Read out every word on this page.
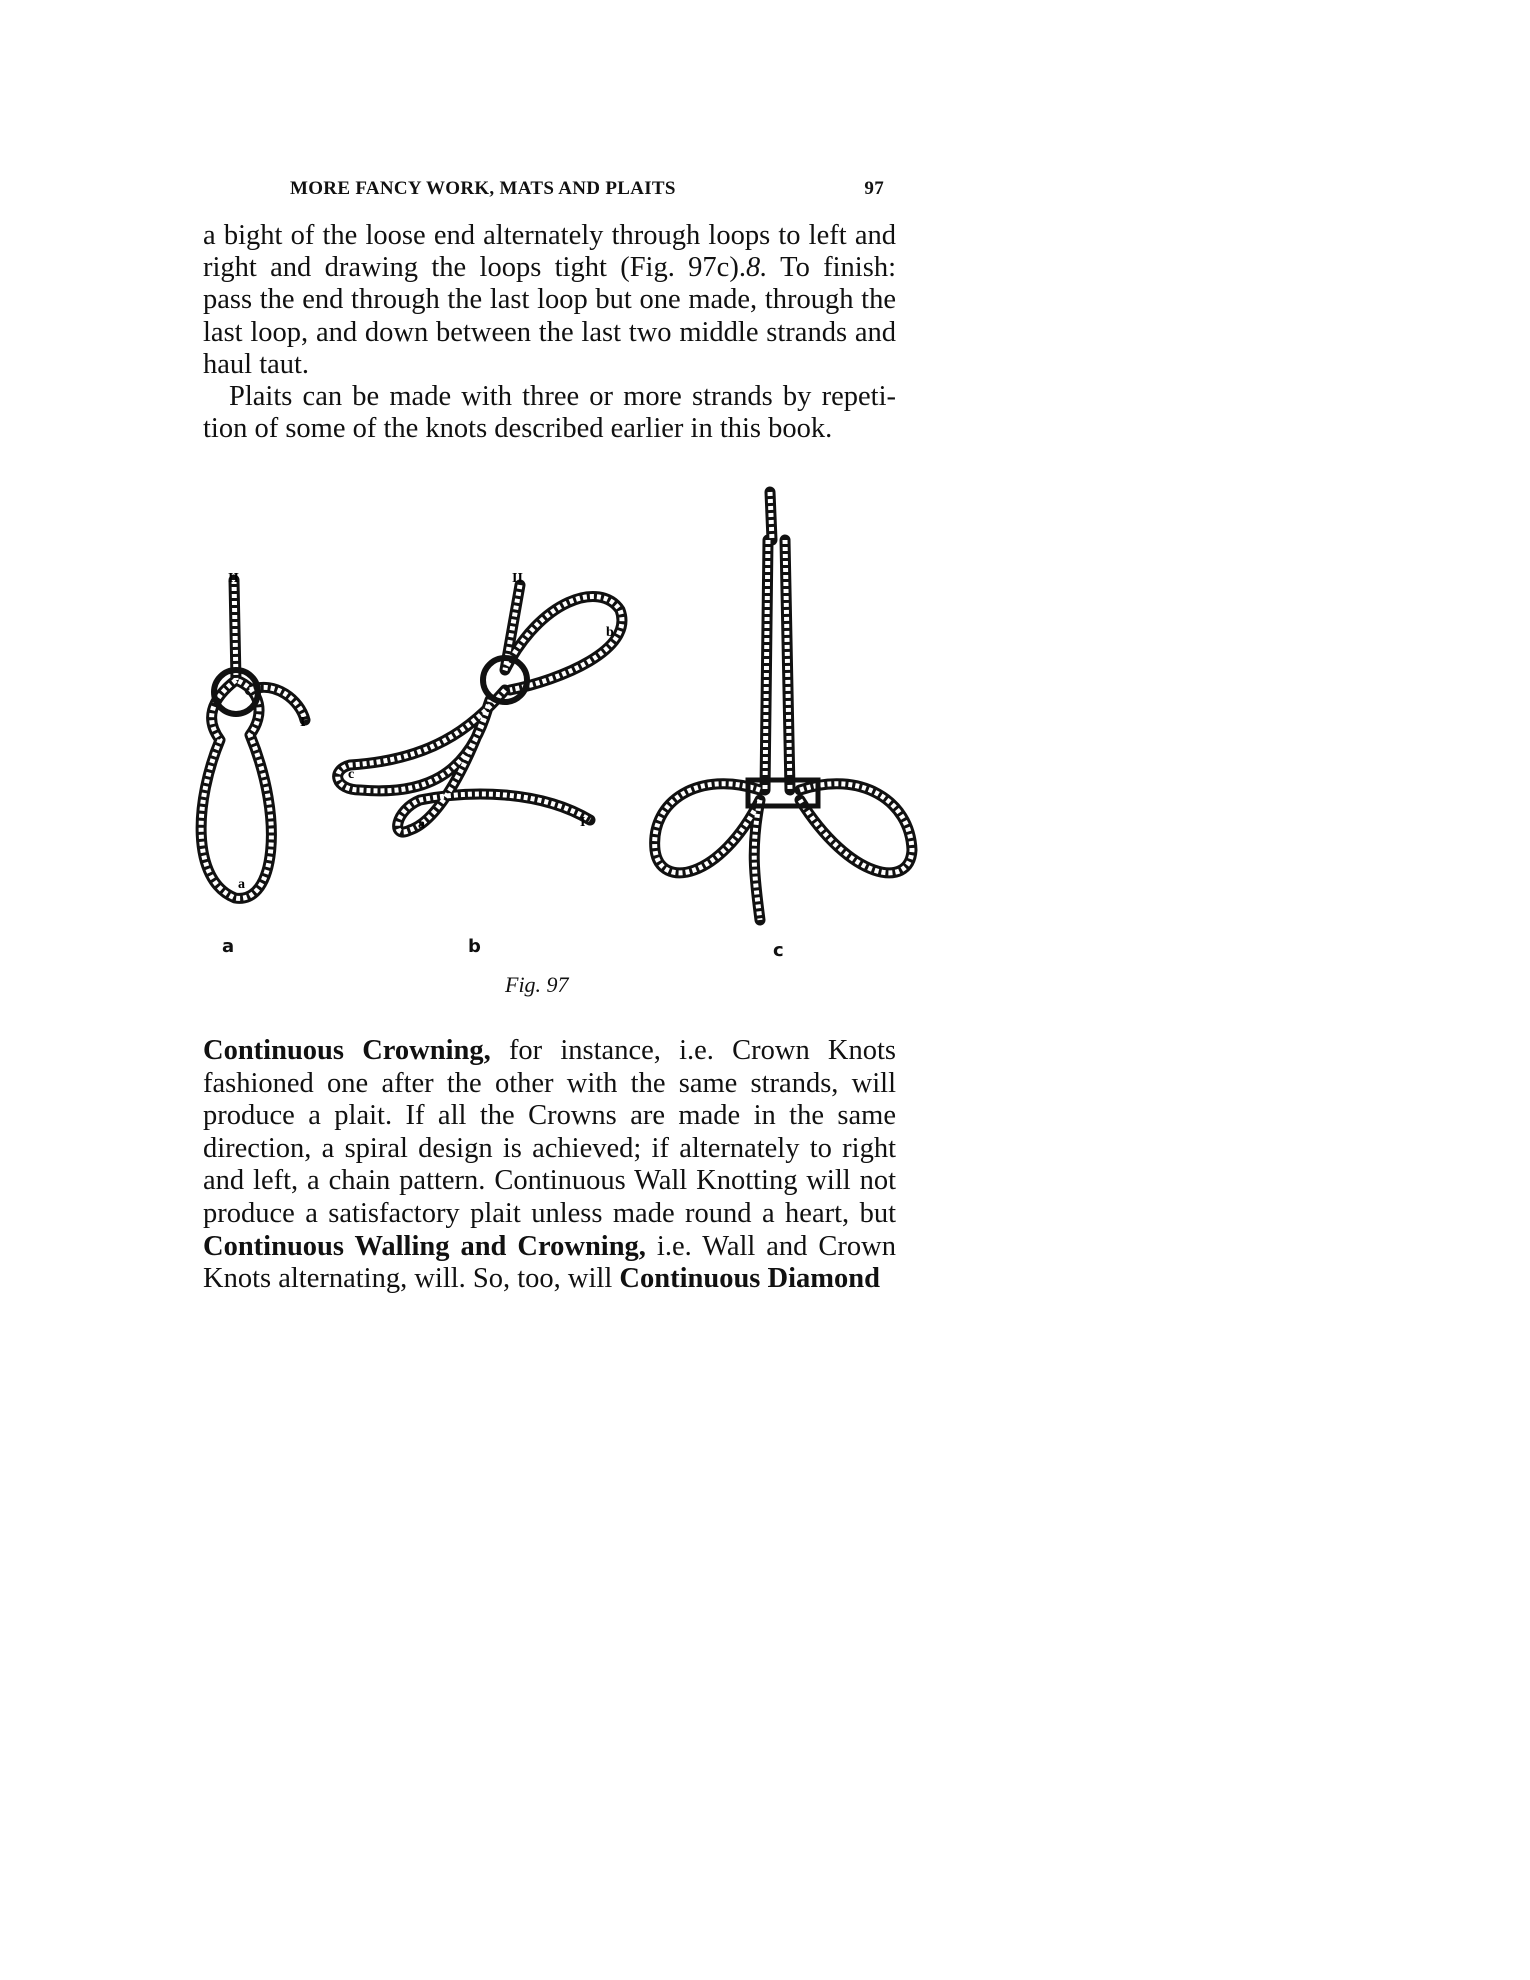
MORE FANCY WORK, MATS AND PLAITS	97
a bight of the loose end alternately through loops to left and right and drawing the loops tight (Fig. 97c).8. To finish: pass the end through the last loop but one made, through the last loop, and down between the last two middle strands and haul taut.
Plaits can be made with three or more strands by repeti- tion of some of the knots described earlier in this book.
II
I
a
II
b
c
a	I
a	b	c
Fig. 97
Continuous Crowning, for instance, i.e. Crown Knots fashioned one after the other with the same strands, will produce a plait. If all the Crowns are made in the same direction, a spiral design is achieved; if alternately to right and left, a chain pattern. Continuous Wall Knotting will not produce a satisfactory plait unless made round a heart, but Continuous Walling and Crowning, i.e. Wall and Crown Knots alternating, will. So, too, will Continuous Diamond
